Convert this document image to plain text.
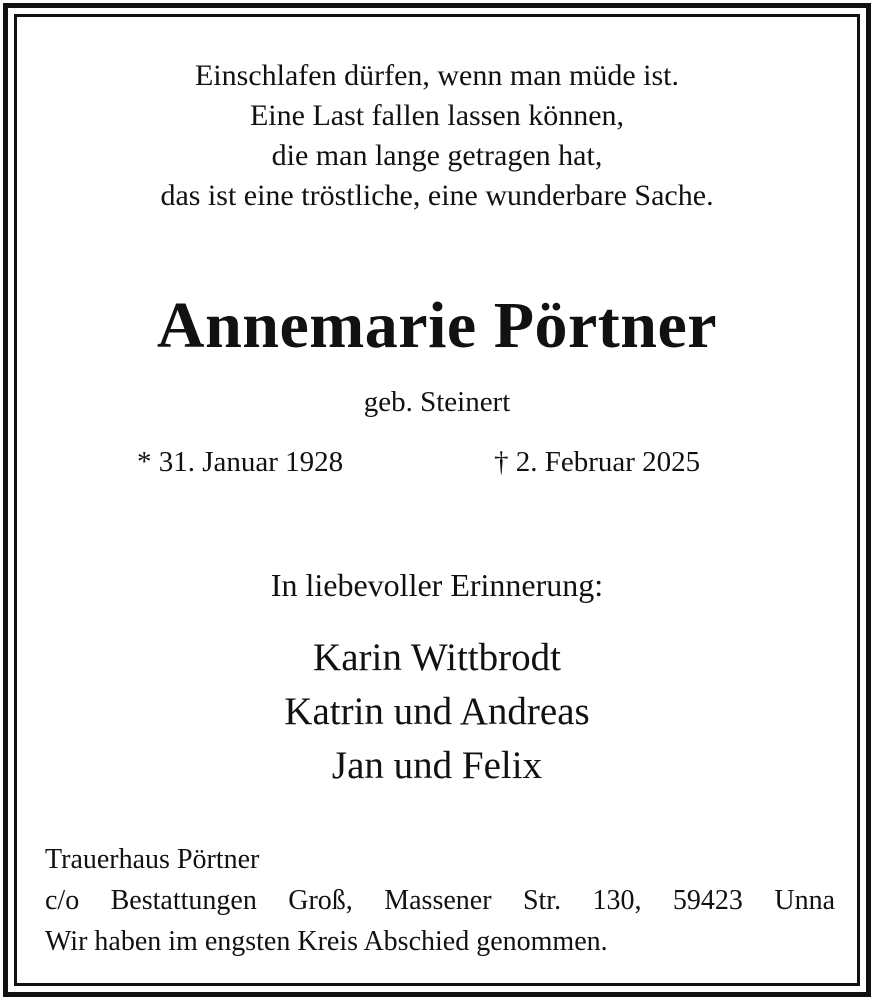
Einschlafen dürfen, wenn man müde ist.
Eine Last fallen lassen können,
die man lange getragen hat,
das ist eine tröstliche, eine wunderbare Sache.
Annemarie Pörtner
geb. Steinert
* 31. Januar 1928	† 2. Februar 2025
In liebevoller Erinnerung:
Karin Wittbrodt
Katrin und Andreas
Jan und Felix
Trauerhaus Pörtner
c/o Bestattungen Groß, Massener Str. 130, 59423 Unna
Wir haben im engsten Kreis Abschied genommen.
